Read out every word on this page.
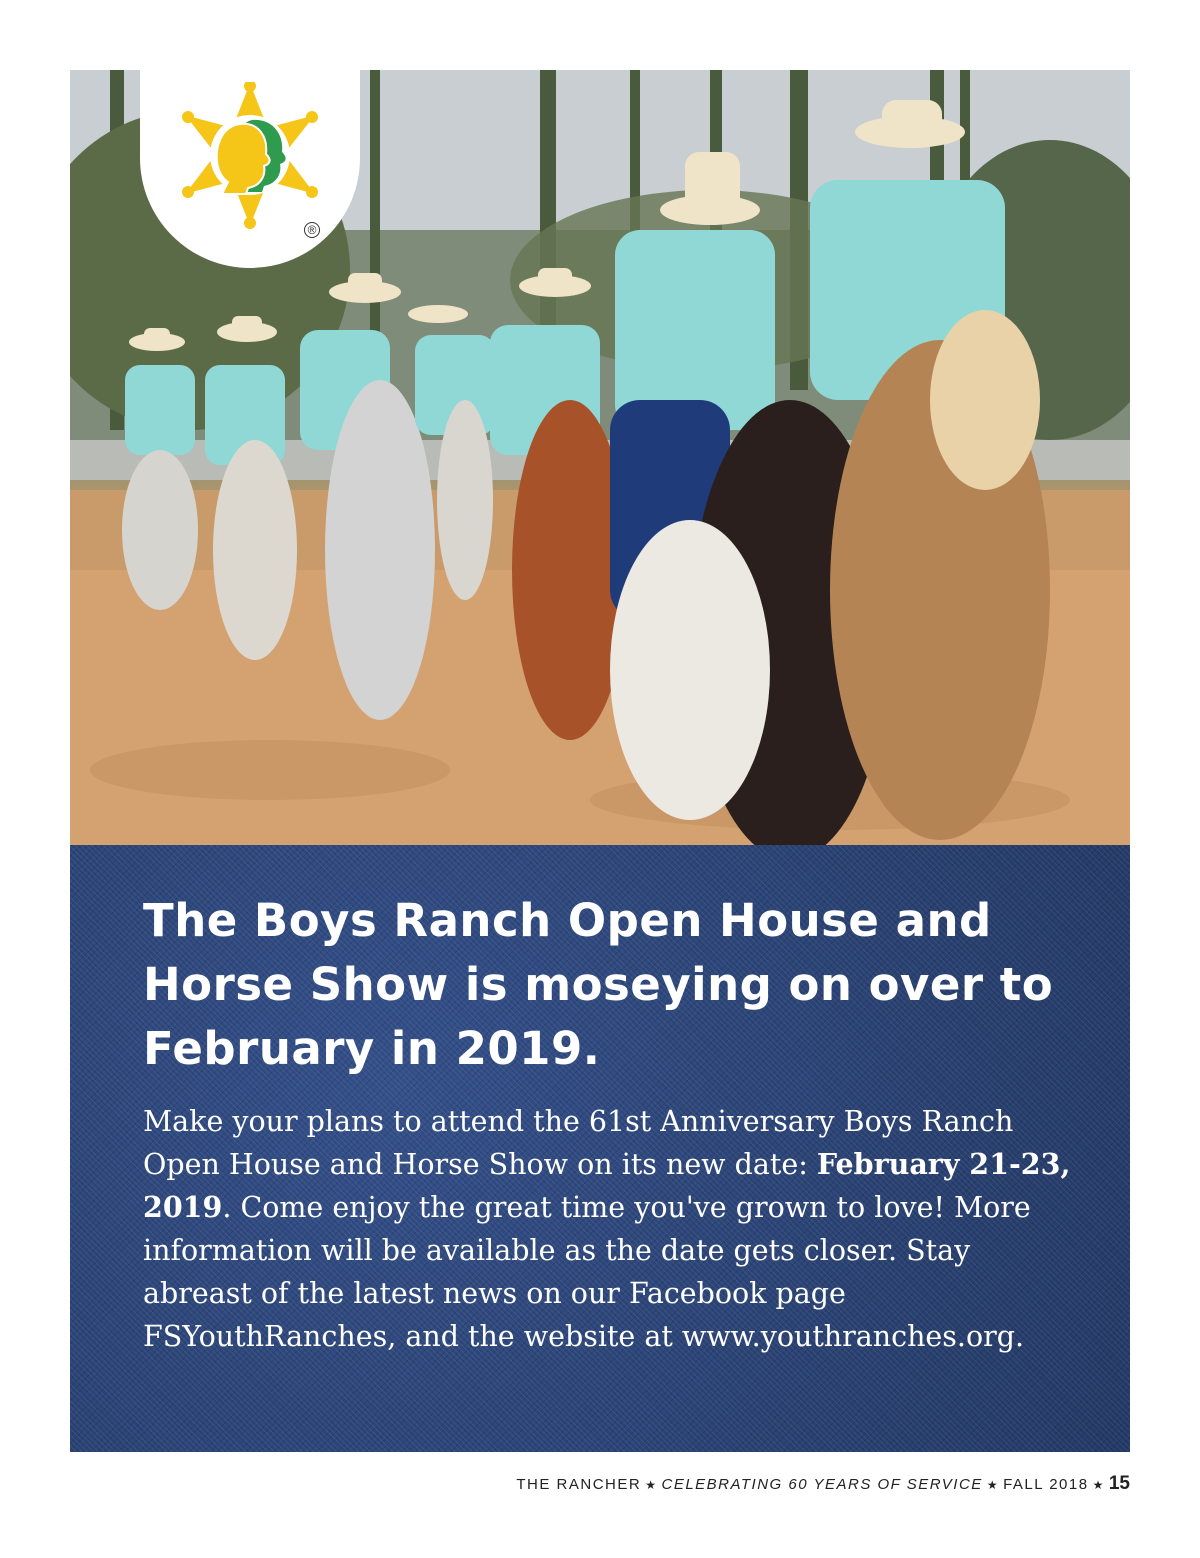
®
The Boys Ranch Open House and Horse Show is moseying on over to February in 2019.

Make your plans to attend the 61st Anniversary Boys Ranch Open House and Horse Show on its new date: February 21-23, 2019. Come enjoy the great time you've grown to love! More information will be available as the date gets closer. Stay abreast of the latest news on our Facebook page FSYouthRanches, and the website at www.youthranches.org.

THE RANCHER ★ CELEBRATING 60 YEARS OF SERVICE ★ FALL 2018 ★ 15
